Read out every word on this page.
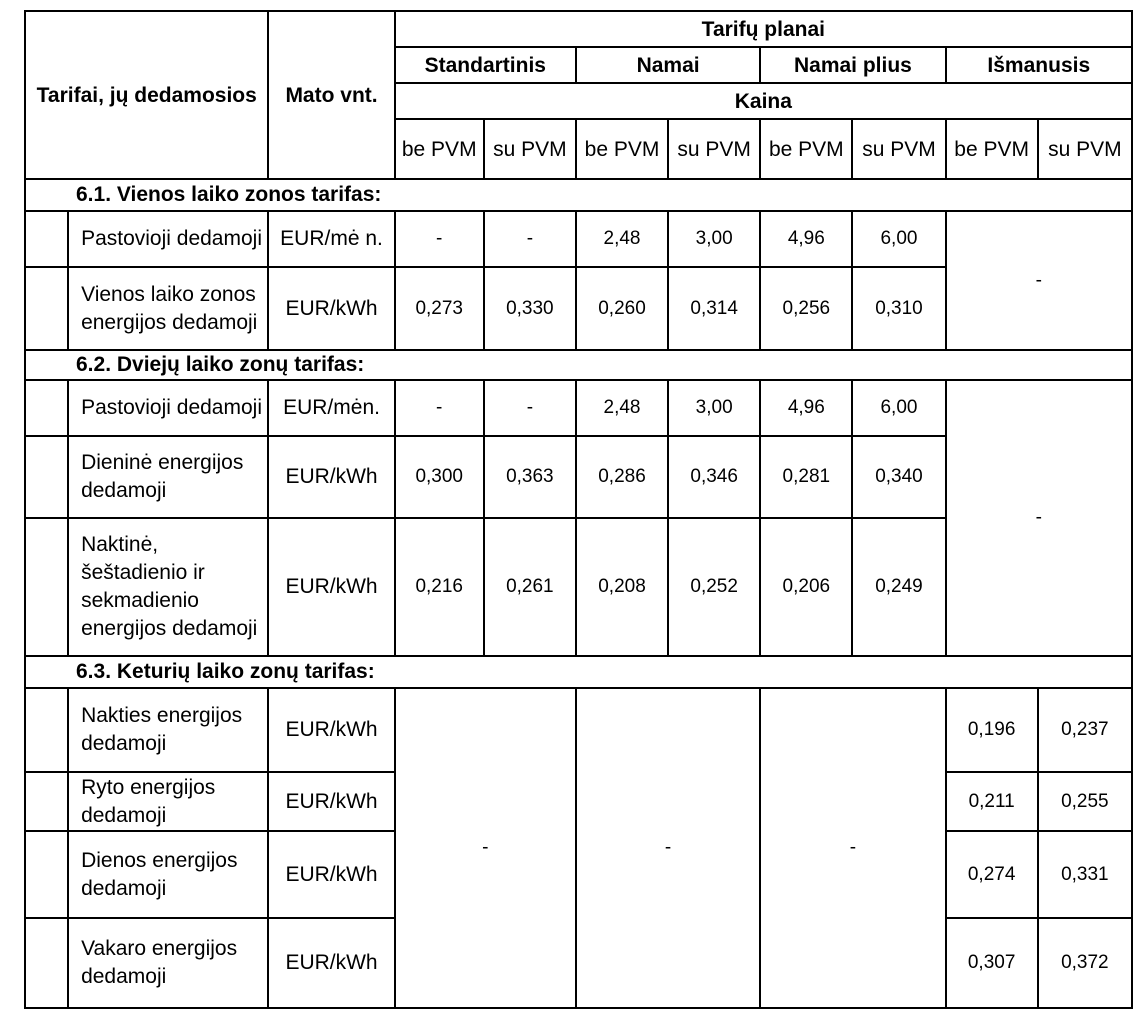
Tarifai, jų dedamosios		Mato vnt.	Tarifų planai							
			Standartinis		Namai		Namai plius		Išmanusis	
			Kaina							
			be PVM	su PVM	be PVM	su PVM	be PVM	su PVM	be PVM	su PVM
6.1. Vienos laiko zonos tarifas:										
	Pastovioji dedamoji	EUR/mė n.	-	-	2,48	3,00	4,96	6,00	-	
	Vienos laiko zonos energijos dedamoji	EUR/kWh	0,273	0,330	0,260	0,314	0,256	0,310		
6.2. Dviejų laiko zonų tarifas:										
	Pastovioji dedamoji	EUR/mėn.	-	-	2,48	3,00	4,96	6,00	-	
	Dieninė energijos dedamoji	EUR/kWh	0,300	0,363	0,286	0,346	0,281	0,340		
	Naktinė, šeštadienio ir sekmadienio energijos dedamoji	EUR/kWh	0,216	0,261	0,208	0,252	0,206	0,249		
6.3. Keturių laiko zonų tarifas:										
	Nakties energijos dedamoji	EUR/kWh	-		-		-		0,196	0,237
	Ryto energijos dedamoji	EUR/kWh							0,211	0,255
	Dienos energijos dedamoji	EUR/kWh							0,274	0,331
	Vakaro energijos dedamoji	EUR/kWh							0,307	0,372
